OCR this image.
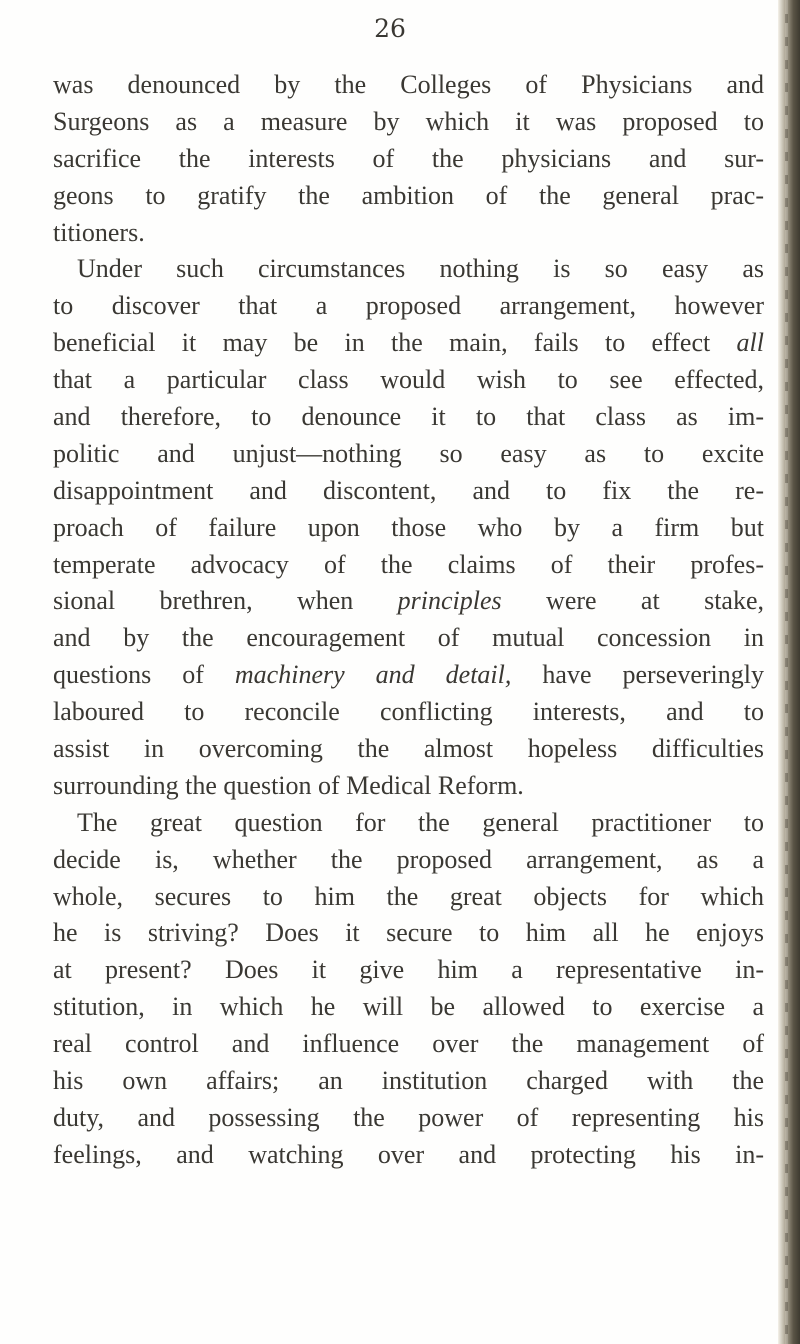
26
was denounced by the Colleges of Physicians and
Surgeons as a measure by which it was proposed to
sacrifice the interests of the physicians and sur-
geons to gratify the ambition of the general prac-
titioners.
Under such circumstances nothing is so easy as
to discover that a proposed arrangement, however
beneficial it may be in the main, fails to effect all
that a particular class would wish to see effected,
and therefore, to denounce it to that class as im-
politic and unjust—nothing so easy as to excite
disappointment and discontent, and to fix the re-
proach of failure upon those who by a firm but
temperate advocacy of the claims of their profes-
sional brethren, when principles were at stake,
and by the encouragement of mutual concession in
questions of machinery and detail, have perseveringly
laboured to reconcile conflicting interests, and to
assist in overcoming the almost hopeless difficulties
surrounding the question of Medical Reform.
The great question for the general practitioner to
decide is, whether the proposed arrangement, as a
whole, secures to him the great objects for which
he is striving? Does it secure to him all he enjoys
at present? Does it give him a representative in-
stitution, in which he will be allowed to exercise a
real control and influence over the management of
his own affairs; an institution charged with the
duty, and possessing the power of representing his
feelings, and watching over and protecting his in-
